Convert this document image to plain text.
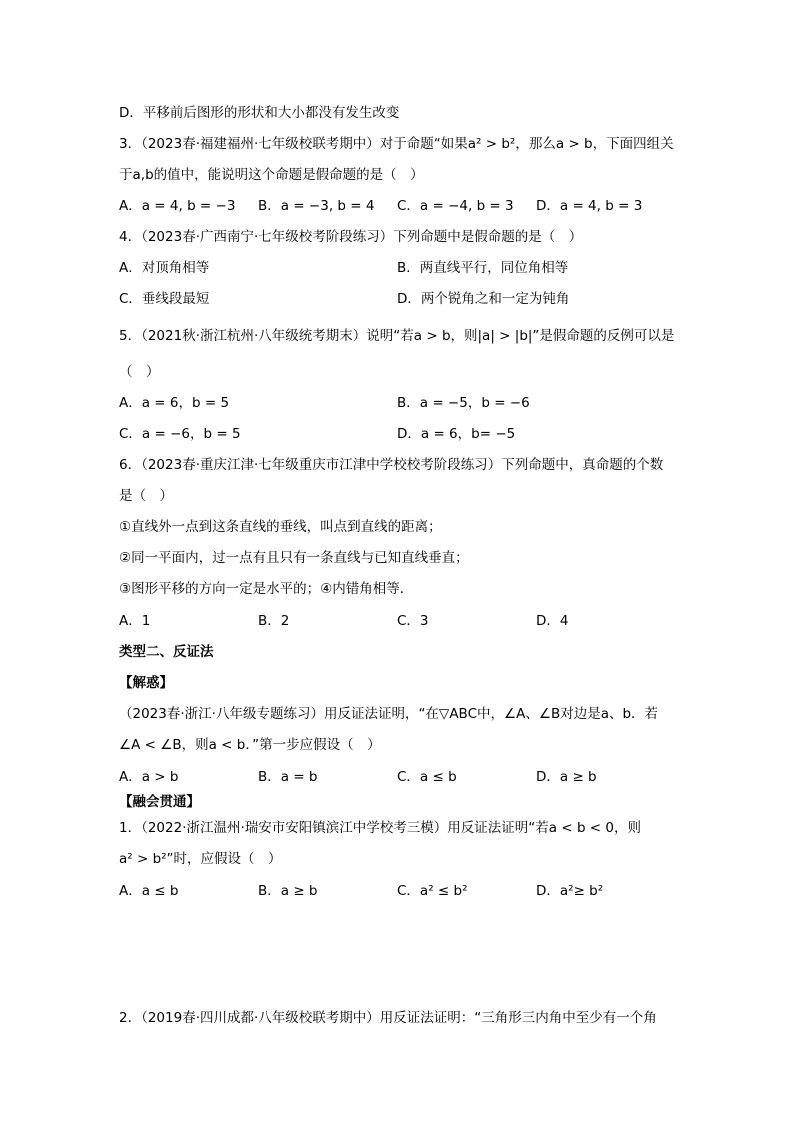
D．平移前后图形的形状和大小都没有发生改变
3．（2023春·福建福州·七年级校联考期中）对于命题“如果a² > b²，那么a > b，下面四组关
于a,b的值中，能说明这个命题是假命题的是（　）
A．a = 4, b = −3 B．a = −3, b = 4 C．a = −4, b = 3 D．a = 4, b = 3
4．（2023春·广西南宁·七年级校考阶段练习）下列命题中是假命题的是（　）
A．对顶角相等	B．两直线平行，同位角相等
C．垂线段最短	D．两个锐角之和一定为钝角
5．（2021秋·浙江杭州·八年级统考期末）说明“若a > b，则|a| > |b|”是假命题的反例可以是
（　）
A．a = 6，b = 5	B．a = −5，b = −6
C．a = −6，b = 5	D．a = 6，b= −5
6．（2023春·重庆江津·七年级重庆市江津中学校校考阶段练习）下列命题中，真命题的个数
是（　）
①直线外一点到这条直线的垂线，叫点到直线的距离；
②同一平面内，过一点有且只有一条直线与已知直线垂直；
③图形平移的方向一定是水平的；④内错角相等．
A．1	B．2	C．3	D．4
类型二、反证法
【解惑】
（2023春·浙江·八年级专题练习）用反证法证明，“在▽ABC中，∠A、∠B对边是a、b．若
∠A < ∠B，则a < b．”第一步应假设（　）
A．a > b	B．a = b	C．a ≤ b	D．a ≥ b
【融会贯通】
1．（2022·浙江温州·瑞安市安阳镇滨江中学校考三模）用反证法证明“若a < b < 0，则
a² > b²”时，应假设（　）
A．a ≤ b	B．a ≥ b	C．a² ≤ b²	D．a²≥ b²
2．（2019春·四川成都·八年级校联考期中）用反证法证明：“三角形三内角中至少有一个角
